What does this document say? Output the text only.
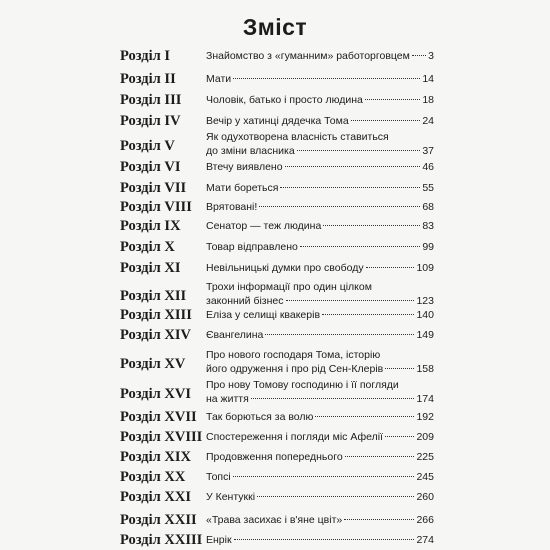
Зміст
Розділ I	Знайомство з «гуманним» работорговцем 3
Розділ II	Мати	14
Розділ III Чоловік, батько і просто людина	18
Розділ IV Вечір у хатинці дядечка Тома	24
Розділ V
Як одухотворена власність ставиться
до зміни власника	37
Розділ VI Втечу виявлено	46
Розділ VII Мати бореться	55
Розділ VIII Врятовані!	68
Розділ IX Сенатор — теж людина	83
Розділ X	Товар відправлено	99
Розділ XI Невільницькі думки про свободу	109
Розділ XII
Трохи інформації про один цілком
законний бізнес	123
Розділ XIII Еліза у селищі квакерів	140
Розділ XIV Євангелина	149
Розділ XV
Про нового господаря Тома, історію
його одруження і про рід Сен-Клерів	158
Розділ XVI
Про нову Томову господиню і її погляди
на життя	174
Розділ XVII Так борються за волю	192
Розділ XVIII Спостереження і погляди міс Афелії	209
Розділ XIX Продовження попереднього	225
Розділ XX Топсі	245
Розділ XXI У Кентуккі	260
Розділ XXII «Трава засихає і в'яне цвіт»	266
Розділ XXIII Енрік	274
